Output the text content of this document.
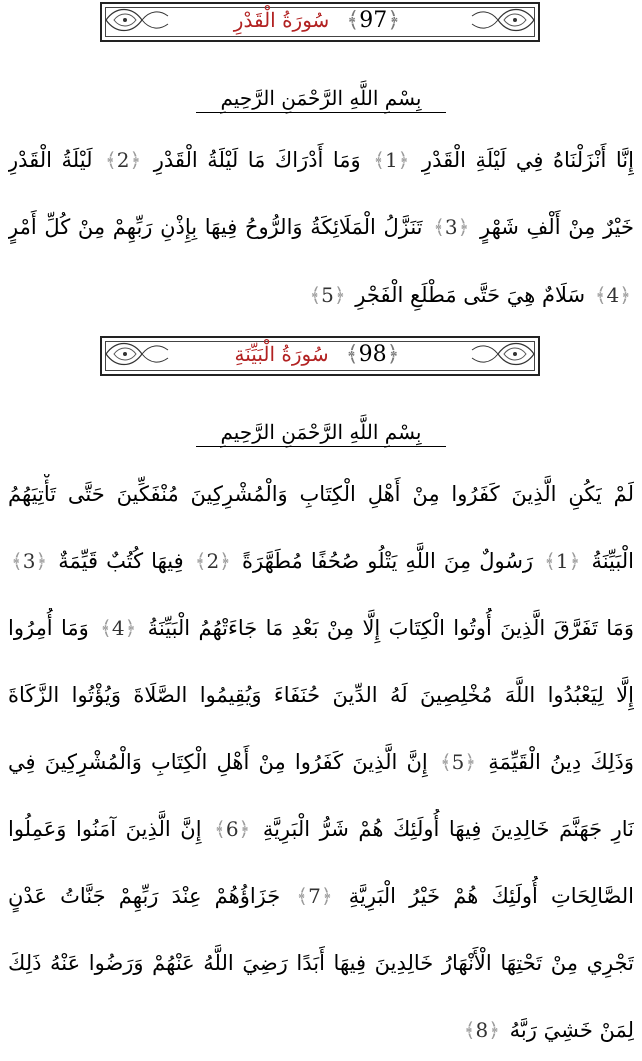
﴿ 97 ﴾ سُورَةُ الْقَدْرِ
بِسْمِ اللَّهِ الرَّحْمَنِ الرَّحِيمِ
إِنَّا أَنْزَلْنَاهُ فِي لَيْلَةِ الْقَدْرِ ﴿ 1 ﴾ وَمَا أَدْرَاكَ مَا لَيْلَةُ الْقَدْرِ ﴿ 2 ﴾ لَيْلَةُ الْقَدْرِ
خَيْرٌ مِنْ أَلْفِ شَهْرٍ ﴿ 3 ﴾ تَنَزَّلُ الْمَلَائِكَةُ وَالرُّوحُ فِيهَا بِإِذْنِ رَبِّهِمْ مِنْ كُلِّ أَمْرٍ
﴿ 4 ﴾ سَلَامٌ هِيَ حَتَّى مَطْلَعِ الْفَجْرِ ﴿ 5 ﴾
﴿ 98 ﴾ سُورَةُ الْبَيِّنَةِ
بِسْمِ اللَّهِ الرَّحْمَنِ الرَّحِيمِ
لَمْ يَكُنِ الَّذِينَ كَفَرُوا مِنْ أَهْلِ الْكِتَابِ وَالْمُشْرِكِينَ مُنْفَكِّينَ حَتَّى تَأْتِيَهُمُ
الْبَيِّنَةُ ﴿ 1 ﴾ رَسُولٌ مِنَ اللَّهِ يَتْلُو صُحُفًا مُطَهَّرَةً ﴿ 2 ﴾ فِيهَا كُتُبٌ قَيِّمَةٌ ﴿ 3 ﴾
وَمَا تَفَرَّقَ الَّذِينَ أُوتُوا الْكِتَابَ إِلَّا مِنْ بَعْدِ مَا جَاءَتْهُمُ الْبَيِّنَةُ ﴿ 4 ﴾ وَمَا أُمِرُوا
إِلَّا لِيَعْبُدُوا اللَّهَ مُخْلِصِينَ لَهُ الدِّينَ حُنَفَاءَ وَيُقِيمُوا الصَّلَاةَ وَيُؤْتُوا الزَّكَاةَ
وَذَلِكَ دِينُ الْقَيِّمَةِ ﴿ 5 ﴾ إِنَّ الَّذِينَ كَفَرُوا مِنْ أَهْلِ الْكِتَابِ وَالْمُشْرِكِينَ فِي
نَارِ جَهَنَّمَ خَالِدِينَ فِيهَا أُولَئِكَ هُمْ شَرُّ الْبَرِيَّةِ ﴿ 6 ﴾ إِنَّ الَّذِينَ آمَنُوا وَعَمِلُوا
الصَّالِحَاتِ أُولَئِكَ هُمْ خَيْرُ الْبَرِيَّةِ ﴿ 7 ﴾ جَزَاؤُهُمْ عِنْدَ رَبِّهِمْ جَنَّاتُ عَدْنٍ
تَجْرِي مِنْ تَحْتِهَا الْأَنْهَارُ خَالِدِينَ فِيهَا أَبَدًا رَضِيَ اللَّهُ عَنْهُمْ وَرَضُوا عَنْهُ ذَلِكَ
لِمَنْ خَشِيَ رَبَّهُ ﴿ 8 ﴾
